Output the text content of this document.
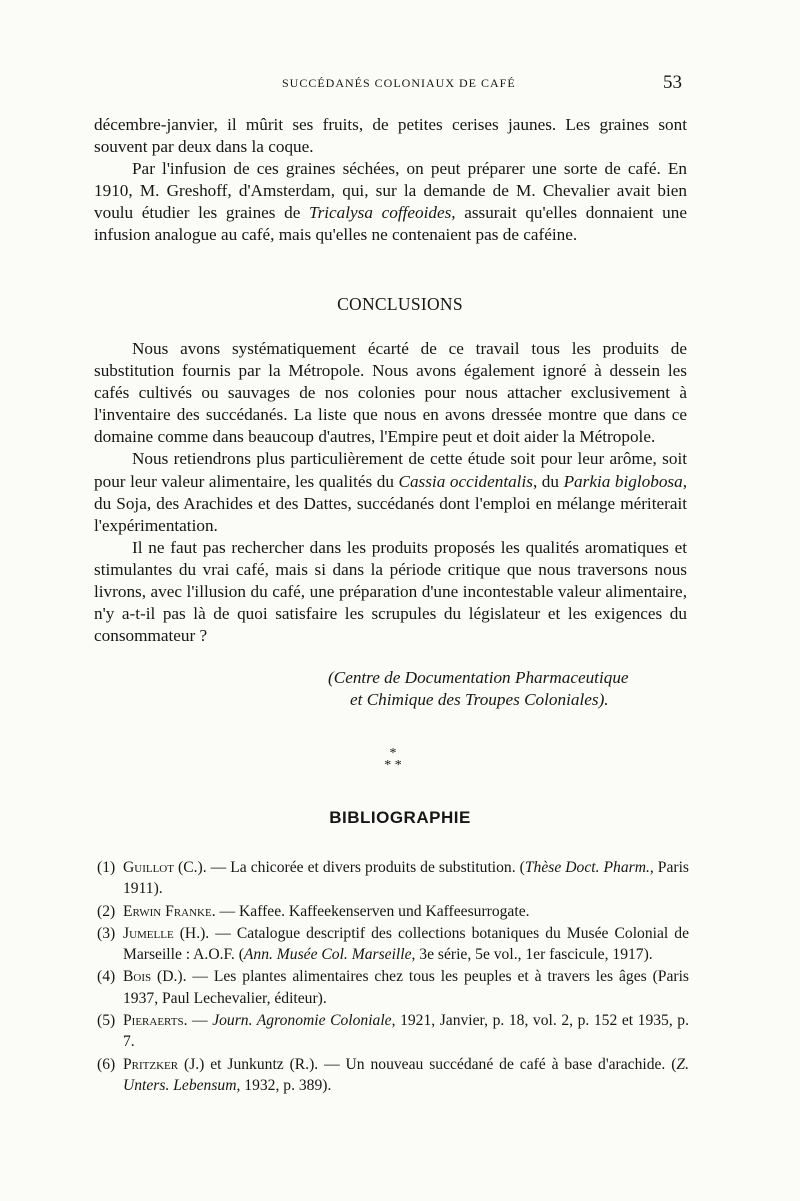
SUCCÉDANÉS COLONIAUX DE CAFÉ	53

décembre-janvier, il mûrit ses fruits, de petites cerises jaunes. Les graines sont souvent par deux dans la coque.

Par l'infusion de ces graines séchées, on peut préparer une sorte de café. En 1910, M. Greshoff, d'Amsterdam, qui, sur la demande de M. Chevalier avait bien voulu étudier les graines de Tricalysa coffeoides, assurait qu'elles donnaient une infusion analogue au café, mais qu'elles ne contenaient pas de caféine.

CONCLUSIONS

Nous avons systématiquement écarté de ce travail tous les produits de substitution fournis par la Métropole. Nous avons également ignoré à dessein les cafés cultivés ou sauvages de nos colonies pour nous attacher exclusivement à l'inventaire des succédanés. La liste que nous en avons dressée montre que dans ce domaine comme dans beaucoup d'autres, l'Empire peut et doit aider la Métropole.

Nous retiendrons plus particulièrement de cette étude soit pour leur arôme, soit pour leur valeur alimentaire, les qualités du Cassia occidentalis, du Parkia biglobosa, du Soja, des Arachides et des Dattes, succédanés dont l'emploi en mélange mériterait l'expérimentation.

Il ne faut pas rechercher dans les produits proposés les qualités aromatiques et stimulantes du vrai café, mais si dans la période critique que nous traversons nous livrons, avec l'illusion du café, une préparation d'une incontestable valeur alimentaire, n'y a-t-il pas là de quoi satisfaire les scrupules du législateur et les exigences du consommateur ?

(Centre de Documentation Pharmaceutique
et Chimique des Troupes Coloniales).
*
* *
BIBLIOGRAPHIE
(1) Guillot (C.). — La chicorée et divers produits de substitution. (Thèse Doct. Pharm., Paris 1911).
(2) Erwin Franke. — Kaffee. Kaffeekenserven und Kaffeesurrogate.
(3) Jumelle (H.). — Catalogue descriptif des collections botaniques du Musée Colonial de Marseille : A.O.F. (Ann. Musée Col. Marseille, 3e série, 5e vol., 1er fascicule, 1917).
(4) Bois (D.). — Les plantes alimentaires chez tous les peuples et à travers les âges (Paris 1937, Paul Lechevalier, éditeur).
(5) Pieraerts. — Journ. Agronomie Coloniale, 1921, Janvier, p. 18, vol. 2, p. 152 et 1935, p. 7.
(6) Pritzker (J.) et Junkuntz (R.). — Un nouveau succédané de café à base d'arachide. (Z. Unters. Lebensum, 1932, p. 389).
